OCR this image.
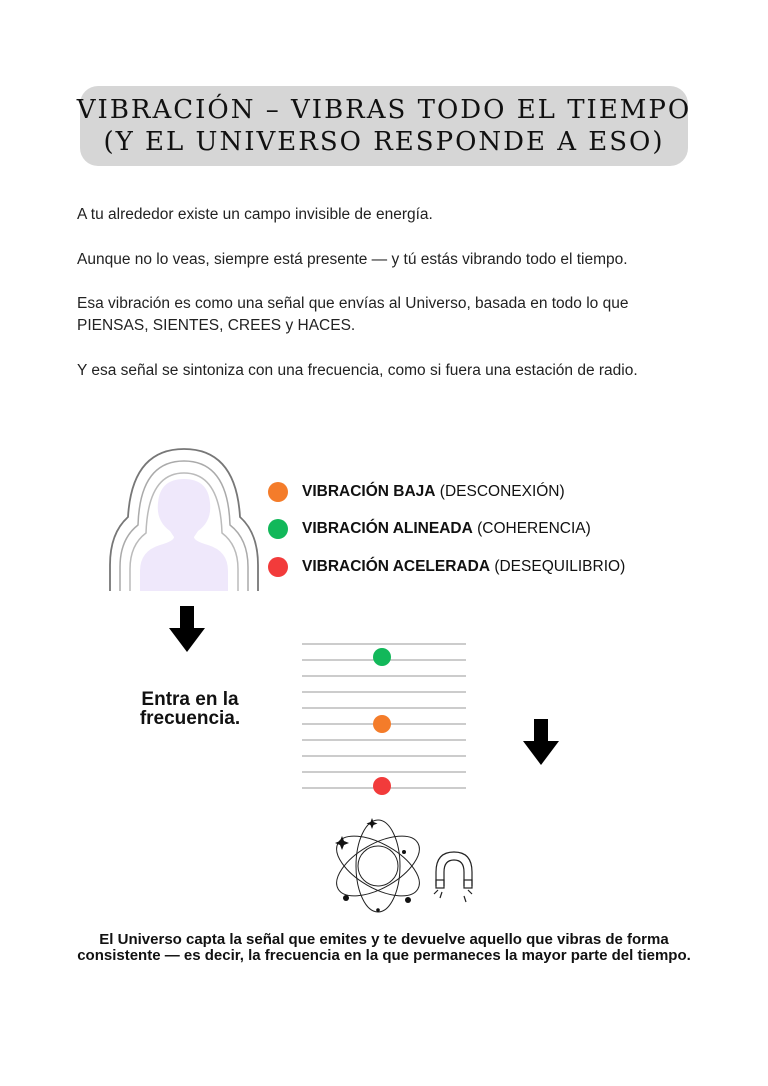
VIBRACIÓN – VIBRAS TODO EL TIEMPO
(Y EL UNIVERSO RESPONDE A ESO)

A tu alrededor existe un campo invisible de energía.

Aunque no lo veas, siempre está presente — y tú estás vibrando todo el tiempo.

Esa vibración es como una señal que envías al Universo, basada en todo lo que PIENSAS, SIENTES, CREES y HACES.

Y esa señal se sintoniza con una frecuencia, como si fuera una estación de radio.

VIBRACIÓN BAJA (DESCONEXIÓN)
VIBRACIÓN ALINEADA (COHERENCIA)
VIBRACIÓN ACELERADA (DESEQUILIBRIO)
Entra en la frecuencia.
El Universo capta la señal que emites y te devuelve aquello que vibras de forma consistente — es decir, la frecuencia en la que permaneces la mayor parte del tiempo.
